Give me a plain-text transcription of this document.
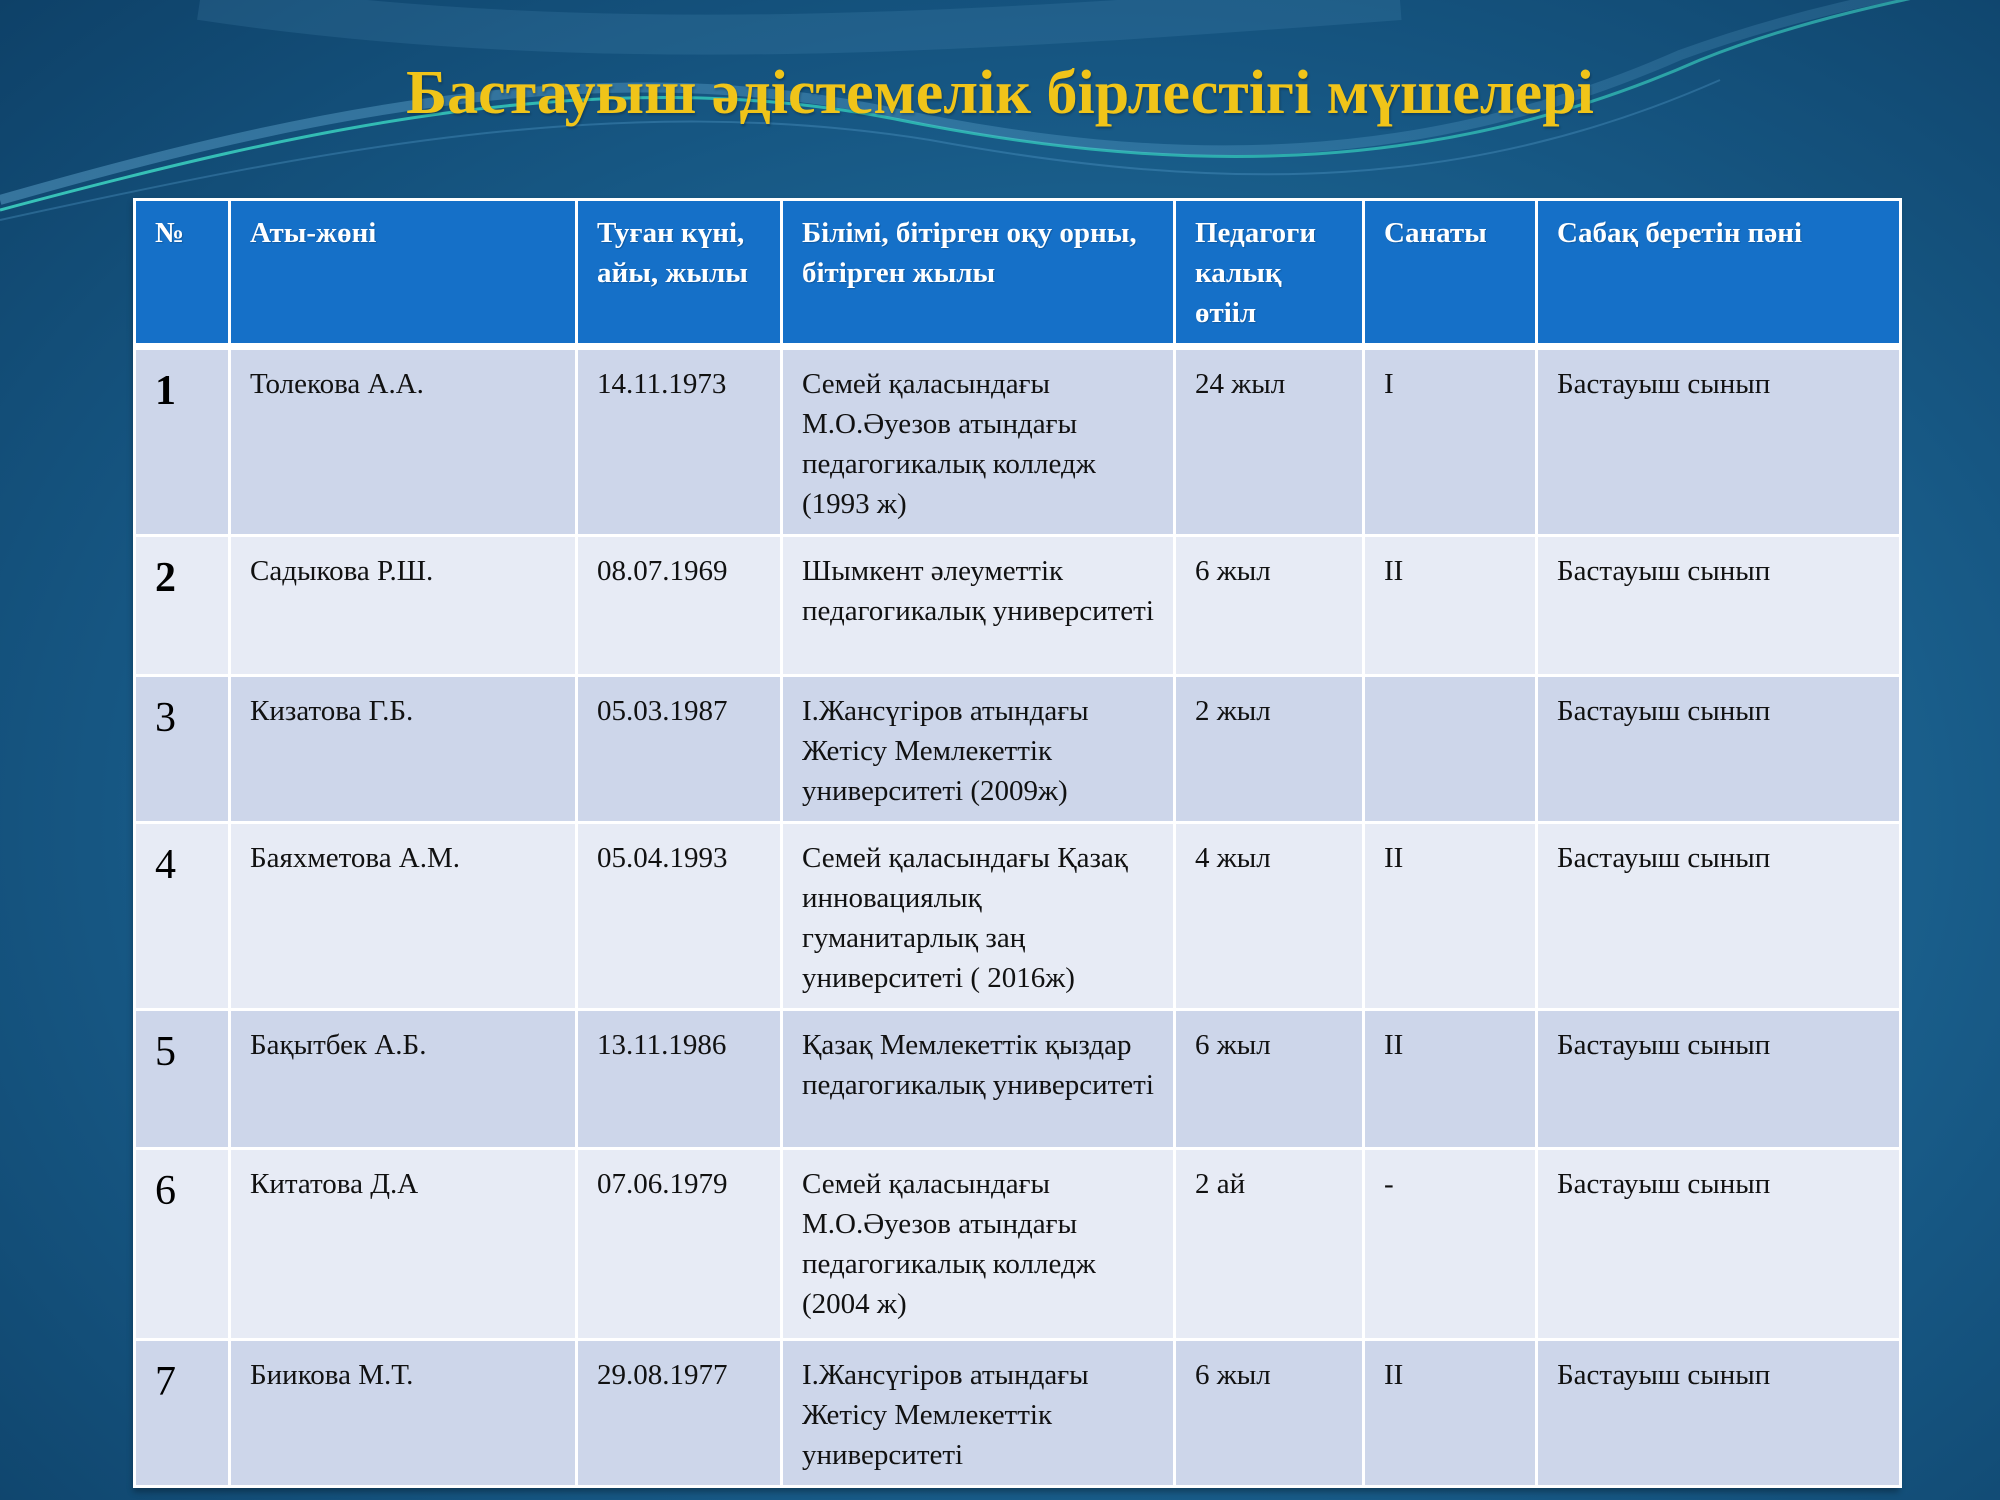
Бастауыш әдістемелік бірлестігі мүшелері
№	Аты-жөні	Туған күні, айы, жылы	Білімі, бітірген оқу орны, бітірген жылы	Педагоги калық өтіiл	Санаты	Сабақ беретін пәні
1	Толекова А.А.	14.11.1973	Семей қаласындағы М.О.Әуезов атындағы педагогикалық колледж (1993 ж)	24 жыл	I	Бастауыш сынып
2	Садыкова Р.Ш.	08.07.1969	Шымкент әлеуметтік педагогикалық университеті	6 жыл	II	Бастауыш сынып
3	Кизатова Г.Б.	05.03.1987	І.Жансүгіров атындағы Жетісу Мемлекеттік университеті (2009ж)	2 жыл		Бастауыш сынып
4	Баяхметова А.М.	05.04.1993	Семей қаласындағы Қазақ инновациялық гуманитарлық заң университеті ( 2016ж)	4 жыл	II	Бастауыш сынып
5	Бақытбек А.Б.	13.11.1986	Қазақ Мемлекеттік қыздар педагогикалық университеті	6 жыл	II	Бастауыш сынып
6	Китатова Д.А	07.06.1979	Семей қаласындағы М.О.Әуезов атындағы педагогикалық колледж (2004 ж)	2 ай	-	Бастауыш сынып
7	Биикова М.Т.	29.08.1977	І.Жансүгіров атындағы Жетісу Мемлекеттік университеті	6 жыл	II	Бастауыш сынып
